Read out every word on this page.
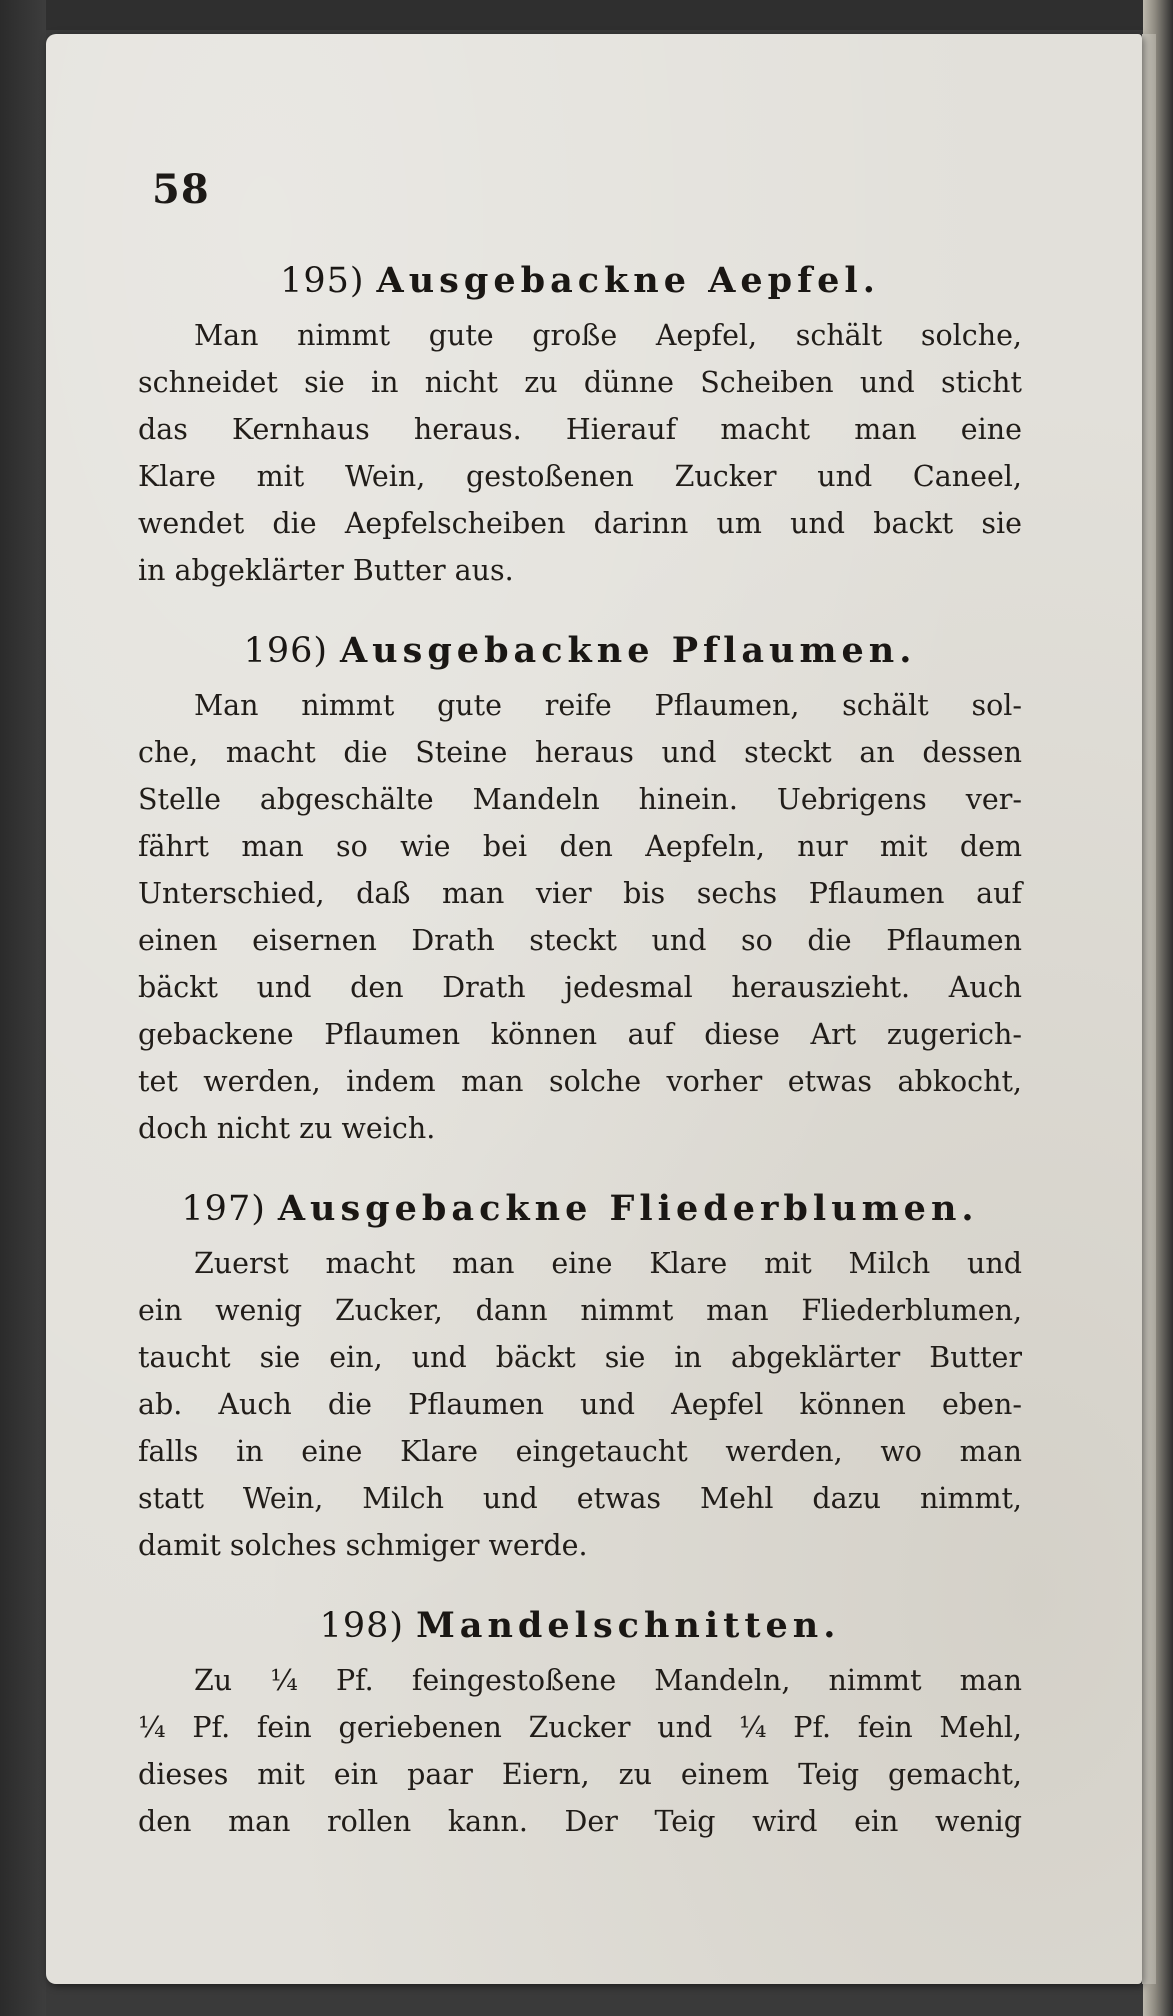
58
195) Ausgebackne Aepfel.
Man nimmt gute große Aepfel, schält solche,
schneidet sie in nicht zu dünne Scheiben und sticht
das Kernhaus heraus. Hierauf macht man eine
Klare mit Wein, gestoßenen Zucker und Caneel,
wendet die Aepfelscheiben darinn um und backt sie
in abgeklärter Butter aus.
196) Ausgebackne Pflaumen.
Man nimmt gute reife Pflaumen, schält sol-
che, macht die Steine heraus und steckt an dessen
Stelle abgeschälte Mandeln hinein. Uebrigens ver-
fährt man so wie bei den Aepfeln, nur mit dem
Unterschied, daß man vier bis sechs Pflaumen auf
einen eisernen Drath steckt und so die Pflaumen
bäckt und den Drath jedesmal herauszieht. Auch
gebackene Pflaumen können auf diese Art zugerich-
tet werden, indem man solche vorher etwas abkocht,
doch nicht zu weich.
197) Ausgebackne Fliederblumen.
Zuerst macht man eine Klare mit Milch und
ein wenig Zucker, dann nimmt man Fliederblumen,
taucht sie ein, und bäckt sie in abgeklärter Butter
ab. Auch die Pflaumen und Aepfel können eben-
falls in eine Klare eingetaucht werden, wo man
statt Wein, Milch und etwas Mehl dazu nimmt,
damit solches schmiger werde.
198) Mandelschnitten.
Zu ¼ Pf. feingestoßene Mandeln, nimmt man
¼ Pf. fein geriebenen Zucker und ¼ Pf. fein Mehl,
dieses mit ein paar Eiern, zu einem Teig gemacht,
den man rollen kann. Der Teig wird ein wenig
